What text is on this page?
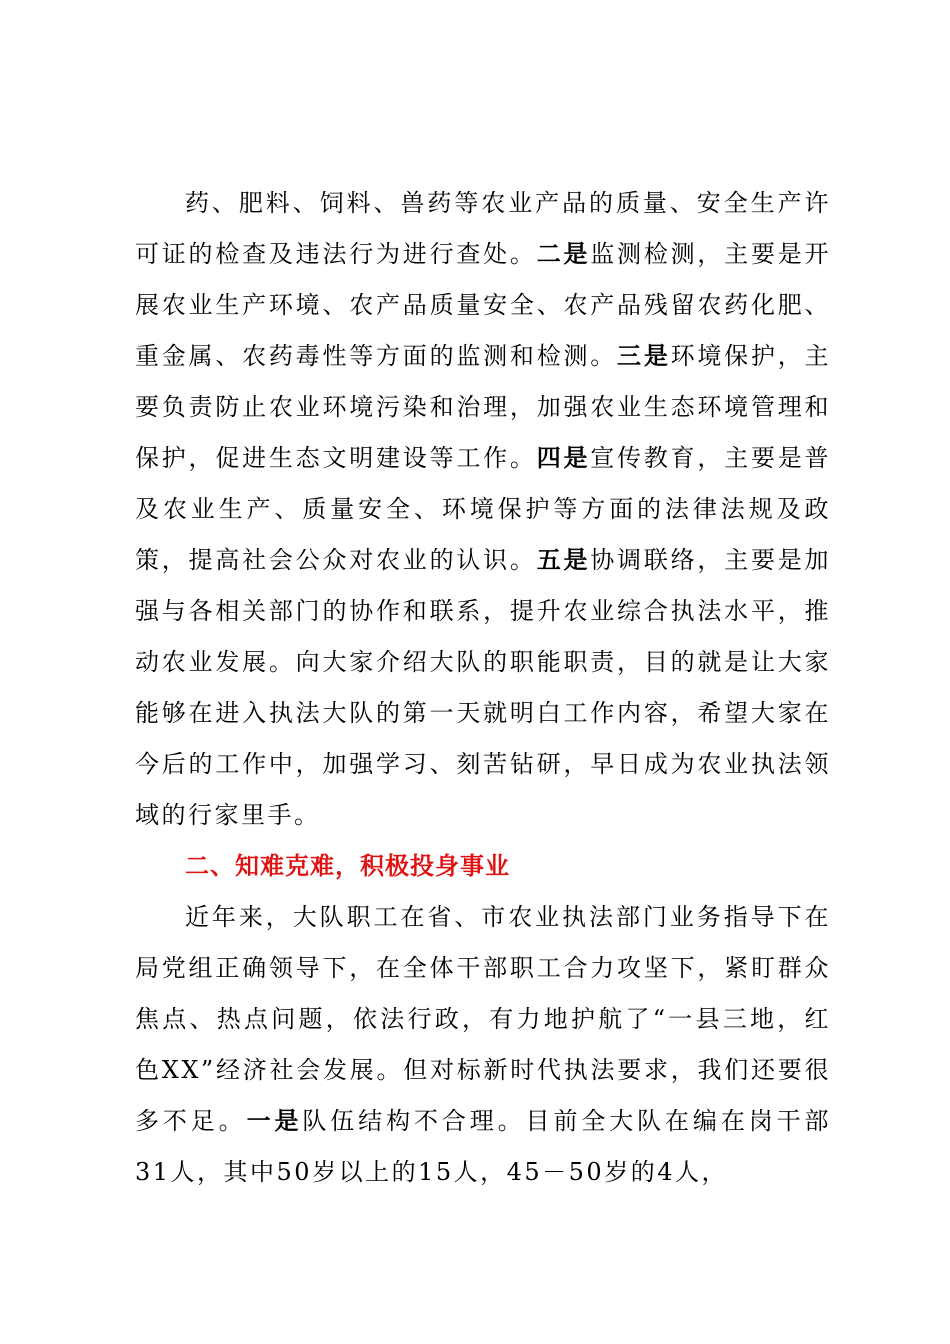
药、肥料、饲料、兽药等农业产品的质量、安全生产许可证的检查及违法行为进行查处。二是监测检测，主要是开展农业生产环境、农产品质量安全、农产品残留农药化肥、重金属、农药毒性等方面的监测和检测。三是环境保护，主要负责防止农业环境污染和治理，加强农业生态环境管理和保护，促进生态文明建设等工作。四是宣传教育，主要是普及农业生产、质量安全、环境保护等方面的法律法规及政策，提高社会公众对农业的认识。五是协调联络，主要是加强与各相关部门的协作和联系，提升农业综合执法水平，推动农业发展。向大家介绍大队的职能职责，目的就是让大家能够在进入执法大队的第一天就明白工作内容，希望大家在今后的工作中，加强学习、刻苦钻研，早日成为农业执法领域的行家里手。

二、知难克难，积极投身事业

近年来，大队职工在省、市农业执法部门业务指导下在局党组正确领导下，在全体干部职工合力攻坚下，紧盯群众焦点、热点问题，依法行政，有力地护航了“一县三地，红色XX”经济社会发展。但对标新时代执法要求，我们还要很多不足。一是队伍结构不合理。目前全大队在编在岗干部31人，其中50岁以上的15人，45－50岁的4人，
